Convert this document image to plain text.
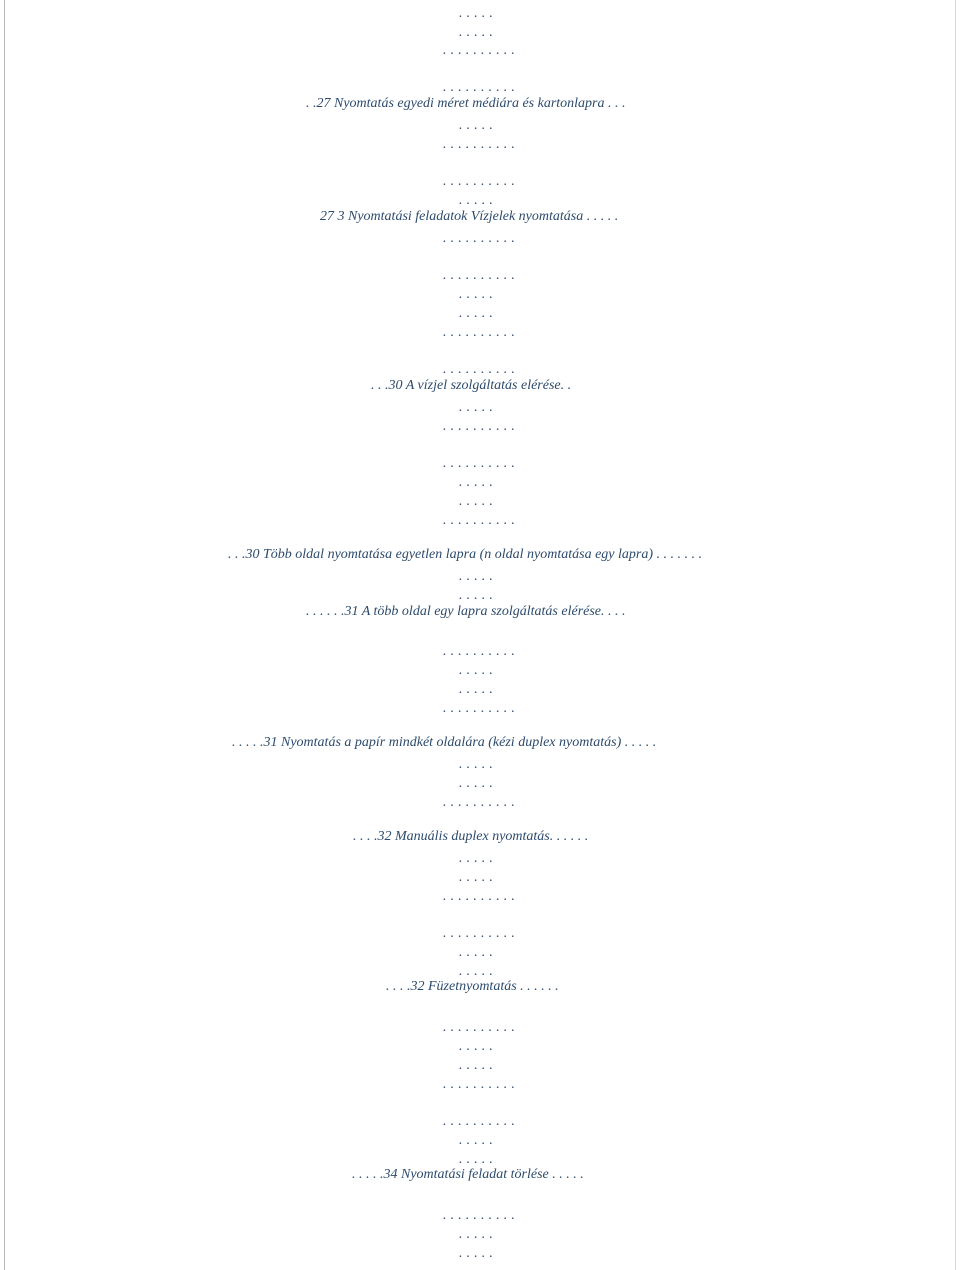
. . . . .
. . . . .
. . . . . . . . . .
. . . . . . . . . .
. .27 Nyomtatás egyedi méret médiára és kartonlapra . . .
. . . . .
. . . . . . . . . .
. . . . . . . . . .
. . . . .
27 3 Nyomtatási feladatok Vízjelek nyomtatása . . . . .
. . . . . . . . . .
. . . . . . . . . .
. . . . .
. . . . .
. . . . . . . . . .
. . . . . . . . . .
. . .30 A vízjel szolgáltatás elérése. .
. . . . .
. . . . . . . . . .
. . . . . . . . . .
. . . . .
. . . . .
. . . . . . . . . .
. . .30 Több oldal nyomtatása egyetlen lapra (n oldal nyomtatása egy lapra) . . . . . . .
. . . . .
. . . . .
. . . . . .31 A több oldal egy lapra szolgáltatás elérése. . . .
. . . . . . . . . .
. . . . .
. . . . .
. . . . . . . . . .
. . . . .31 Nyomtatás a papír mindkét oldalára (kézi duplex nyomtatás) . . . . .
. . . . .
. . . . .
. . . . . . . . . .
. . . .32 Manuális duplex nyomtatás. . . . . .
. . . . .
. . . . .
. . . . . . . . . .
. . . . . . . . . .
. . . . .
. . . . .
. . . .32 Füzetnyomtatás . . . . . .
. . . . . . . . . .
. . . . .
. . . . .
. . . . . . . . . .
. . . . . . . . . .
. . . . .
. . . . .
. . . . .34 Nyomtatási feladat törlése . . . . .
. . . . . . . . . .
. . . . .
. . . . .
